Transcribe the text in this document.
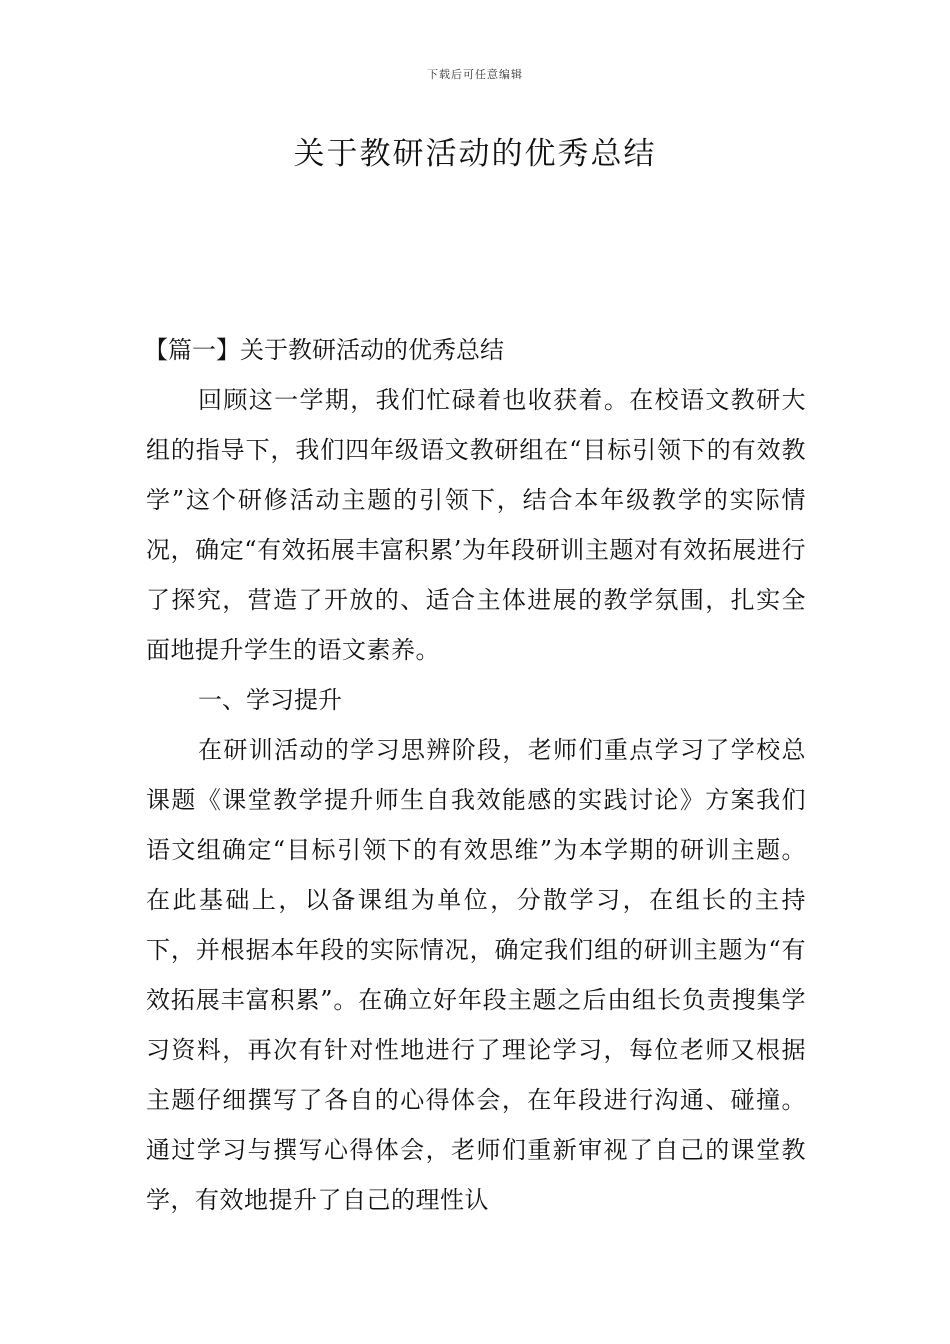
下载后可任意编辑
关于教研活动的优秀总结
【篇一】关于教研活动的优秀总结

回顾这一学期，我们忙碌着也收获着。在校语文教研大组的指导下，我们四年级语文教研组在“目标引领下的有效教学”这个研修活动主题的引领下，结合本年级教学的实际情况，确定“有效拓展丰富积累’为年段研训主题对有效拓展进行了探究，营造了开放的、适合主体进展的教学氛围，扎实全面地提升学生的语文素养。

一、学习提升

在研训活动的学习思辨阶段，老师们重点学习了学校总课题《课堂教学提升师生自我效能感的实践讨论》方案我们语文组确定“目标引领下的有效思维”为本学期的研训主题。在此基础上，以备课组为单位，分散学习，在组长的主持下，并根据本年段的实际情况，确定我们组的研训主题为“有效拓展丰富积累”。在确立好年段主题之后由组长负责搜集学习资料，再次有针对性地进行了理论学习，每位老师又根据主题仔细撰写了各自的心得体会，在年段进行沟通、碰撞。通过学习与撰写心得体会，老师们重新审视了自己的课堂教学，有效地提升了自己的理性认
